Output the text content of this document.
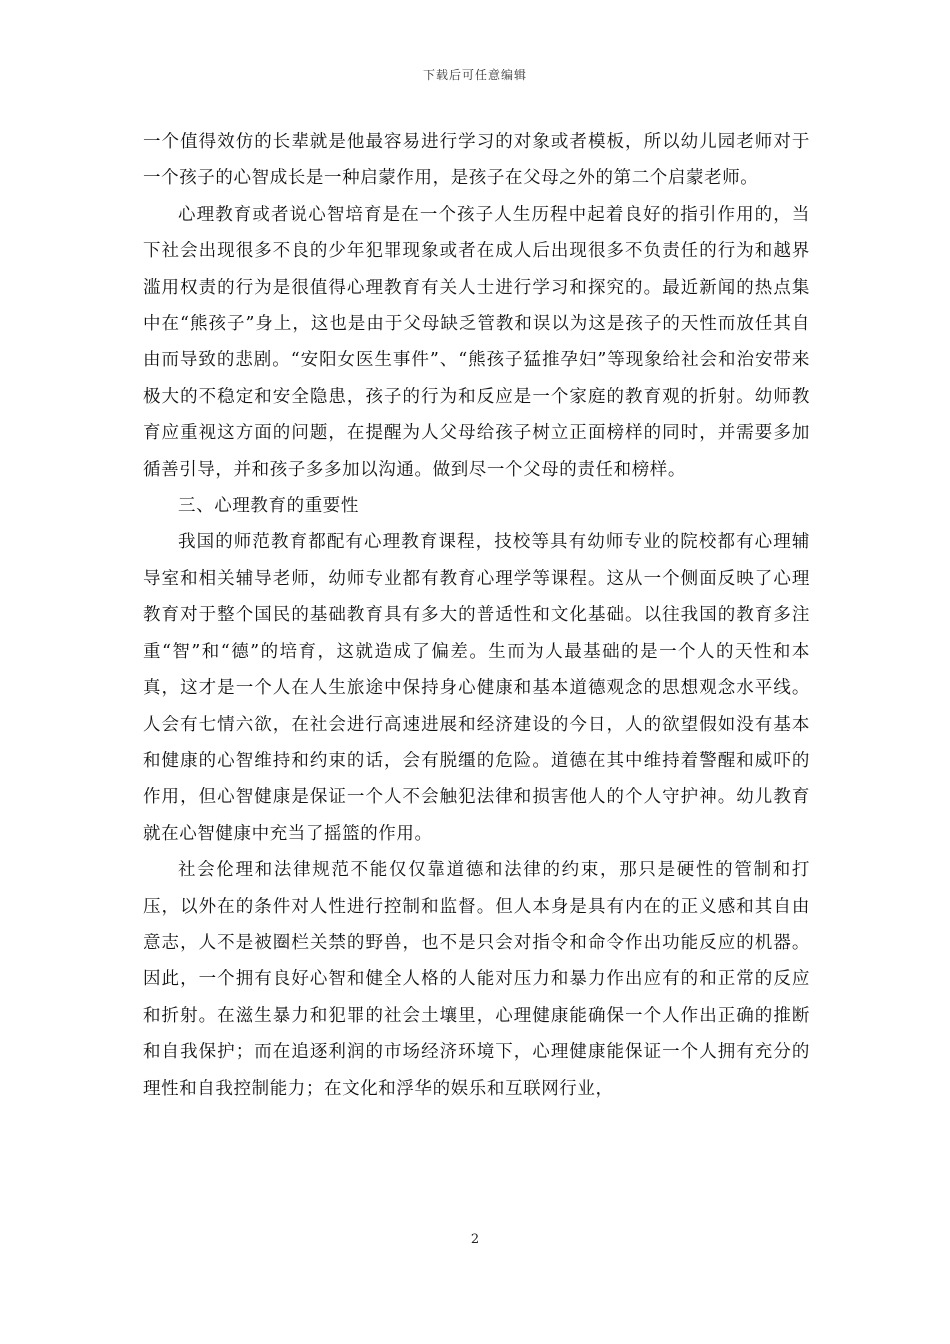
下载后可任意编辑

一个值得效仿的长辈就是他最容易进行学习的对象或者模板，所以幼儿园老师对于一个孩子的心智成长是一种启蒙作用，是孩子在父母之外的第二个启蒙老师。

心理教育或者说心智培育是在一个孩子人生历程中起着良好的指引作用的，当下社会出现很多不良的少年犯罪现象或者在成人后出现很多不负责任的行为和越界滥用权责的行为是很值得心理教育有关人士进行学习和探究的。最近新闻的热点集中在“熊孩子”身上，这也是由于父母缺乏管教和误以为这是孩子的天性而放任其自由而导致的悲剧。“安阳女医生事件”、“熊孩子猛推孕妇”等现象给社会和治安带来极大的不稳定和安全隐患，孩子的行为和反应是一个家庭的教育观的折射。幼师教育应重视这方面的问题，在提醒为人父母给孩子树立正面榜样的同时，并需要多加循善引导，并和孩子多多加以沟通。做到尽一个父母的责任和榜样。

三、心理教育的重要性

我国的师范教育都配有心理教育课程，技校等具有幼师专业的院校都有心理辅导室和相关辅导老师，幼师专业都有教育心理学等课程。这从一个侧面反映了心理教育对于整个国民的基础教育具有多大的普适性和文化基础。以往我国的教育多注重“智”和“德”的培育，这就造成了偏差。生而为人最基础的是一个人的天性和本真，这才是一个人在人生旅途中保持身心健康和基本道德观念的思想观念水平线。人会有七情六欲，在社会进行高速进展和经济建设的今日，人的欲望假如没有基本和健康的心智维持和约束的话，会有脱缰的危险。道德在其中维持着警醒和威吓的作用，但心智健康是保证一个人不会触犯法律和损害他人的个人守护神。幼儿教育就在心智健康中充当了摇篮的作用。

社会伦理和法律规范不能仅仅靠道德和法律的约束，那只是硬性的管制和打压，以外在的条件对人性进行控制和监督。但人本身是具有内在的正义感和其自由意志，人不是被圈栏关禁的野兽，也不是只会对指令和命令作出功能反应的机器。因此，一个拥有良好心智和健全人格的人能对压力和暴力作出应有的和正常的反应和折射。在滋生暴力和犯罪的社会土壤里，心理健康能确保一个人作出正确的推断和自我保护；而在追逐利润的市场经济环境下，心理健康能保证一个人拥有充分的理性和自我控制能力；在文化和浮华的娱乐和互联网行业，

2
